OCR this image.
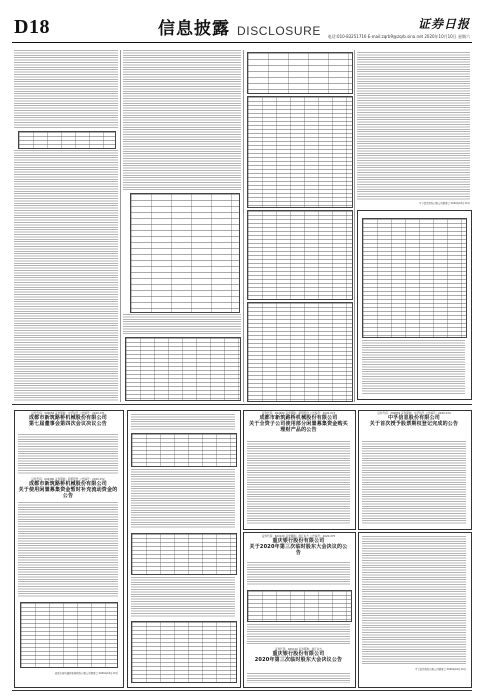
D18	信息披露 DISCLOSURE	证券日报
电话:010-83251716 E-mail:zqrb9@zqrb.sina.net 2020年10月10日 星期六
中孚信息股份有限公司董事会 2020年10月10日
证券代码：300659 证券简称：中孚信息 公告编号：2020-071
成都市新筑路桥机械股份有限公司
第七届董事会第四次会议决议公告
证券代码：002480 证券简称：新筑股份 公告编号：2020-072
成都市新筑路桥机械股份有限公司
关于使用闲置募集资金暂时补充流动资金的公告
成都市新筑路桥机械股份有限公司董事会 2020年10月10日
证券代码：002480 证券简称：新筑股份 公告编号：2020-073
成都市新筑路桥机械股份有限公司
关于全资子公司使用部分闲置募集资金购买理财产品的公告
证券代码：300659 证券简称：中孚信息 公告编号：2020-074
中孚信息股份有限公司
关于首次授予股票期权登记完成的公告
证券代码：600120 证券简称：浙江东方 公告编号：2020-075
重庆银行股份有限公司
关于2020年第三次临时股东大会决议的公告
证券代码：600120 证券简称：浙江东方
重庆银行股份有限公司
2020年第三次临时股东大会决议公告
中孚信息股份有限公司董事会 2020年10月10日
